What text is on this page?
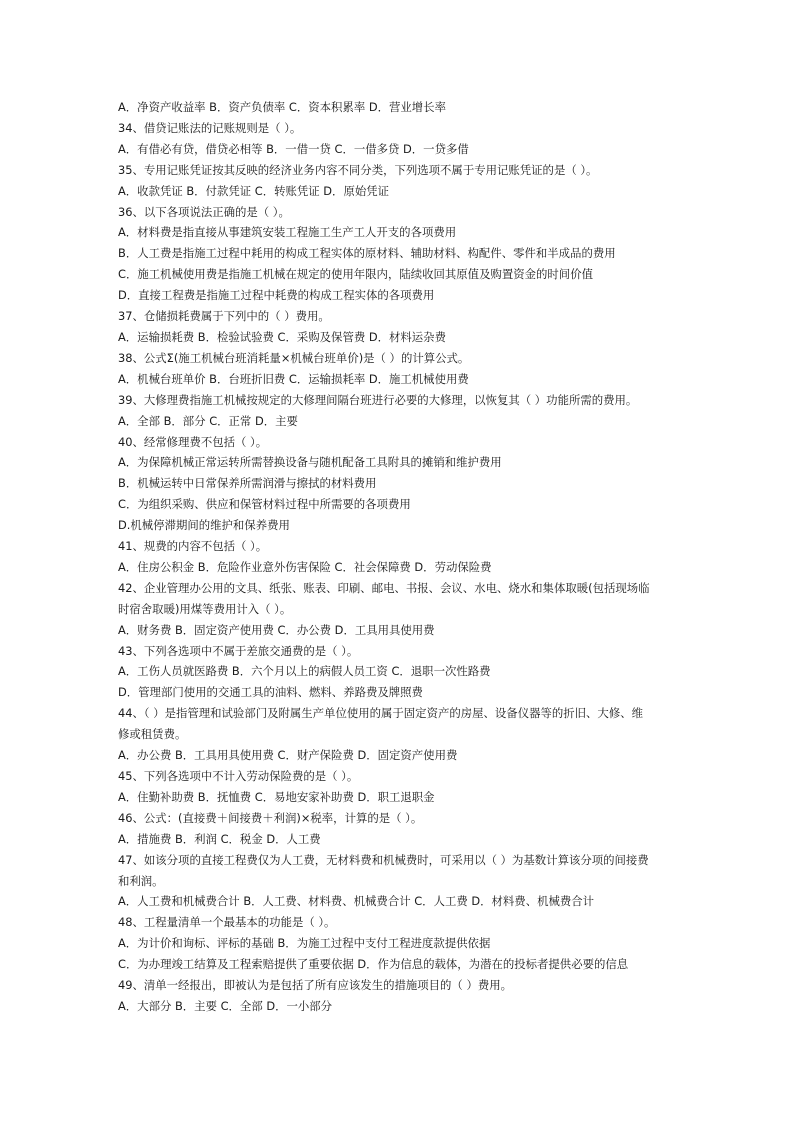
A．净资产收益率 B．资产负债率 C．资本积累率 D．营业增长率

34、借贷记账法的记账规则是（ ）。

A．有借必有贷，借贷必相等 B．一借一贷 C．一借多贷 D．一贷多借

35、专用记账凭证按其反映的经济业务内容不同分类，下列选项不属于专用记账凭证的是（ ）。

A．收款凭证 B．付款凭证 C．转账凭证 D．原始凭证

36、以下各项说法正确的是（ ）。

A．材料费是指直接从事建筑安装工程施工生产工人开支的各项费用

B．人工费是指施工过程中耗用的构成工程实体的原材料、辅助材料、构配件、零件和半成品的费用

C．施工机械使用费是指施工机械在规定的使用年限内，陆续收回其原值及购置资金的时间价值

D．直接工程费是指施工过程中耗费的构成工程实体的各项费用

37、仓储损耗费属于下列中的（ ）费用。

A．运输损耗费 B．检验试验费 C．采购及保管费 D．材料运杂费

38、公式Σ(施工机械台班消耗量×机械台班单价)是（ ）的计算公式。

A．机械台班单价 B．台班折旧费 C．运输损耗率 D．施工机械使用费

39、大修理费指施工机械按规定的大修理间隔台班进行必要的大修理，以恢复其（ ）功能所需的费用。

A．全部 B．部分 C．正常 D．主要

40、经常修理费不包括（ ）。

A．为保障机械正常运转所需替换设备与随机配备工具附具的摊销和维护费用

B．机械运转中日常保养所需润滑与擦拭的材料费用

C．为组织采购、供应和保管材料过程中所需要的各项费用

D.机械停滞期间的维护和保养费用

41、规费的内容不包括（ ）。

A．住房公积金 B．危险作业意外伤害保险 C．社会保障费 D．劳动保险费

42、企业管理办公用的文具、纸张、账表、印刷、邮电、书报、会议、水电、烧水和集体取暖(包括现场临

时宿舍取暖)用煤等费用计入（ ）。

A．财务费 B．固定资产使用费 C．办公费 D．工具用具使用费

43、下列各选项中不属于差旅交通费的是（ ）。

A．工伤人员就医路费 B．六个月以上的病假人员工资 C．退职一次性路费

D．管理部门使用的交通工具的油料、燃料、养路费及牌照费

44、（ ）是指管理和试验部门及附属生产单位使用的属于固定资产的房屋、设备仪器等的折旧、大修、维

修或租赁费。

A．办公费 B．工具用具使用费 C．财产保险费 D．固定资产使用费

45、下列各选项中不计入劳动保险费的是（ ）。

A．住勤补助费 B．抚恤费 C．易地安家补助费 D．职工退职金

46、公式：(直接费＋间接费＋利润)×税率，计算的是（ ）。

A．措施费 B．利润 C．税金 D．人工费

47、如该分项的直接工程费仅为人工费，无材料费和机械费时，可采用以（ ）为基数计算该分项的间接费

和利润。

A．人工费和机械费合计 B．人工费、材料费、机械费合计 C．人工费 D．材料费、机械费合计

48、工程量清单一个最基本的功能是（ ）。

A．为计价和询标、评标的基础 B．为施工过程中支付工程进度款提供依据

C．为办理竣工结算及工程索赔提供了重要依据 D．作为信息的载体，为潜在的投标者提供必要的信息

49、清单一经报出，即被认为是包括了所有应该发生的措施项目的（ ）费用。

A．大部分 B．主要 C．全部 D．一小部分
